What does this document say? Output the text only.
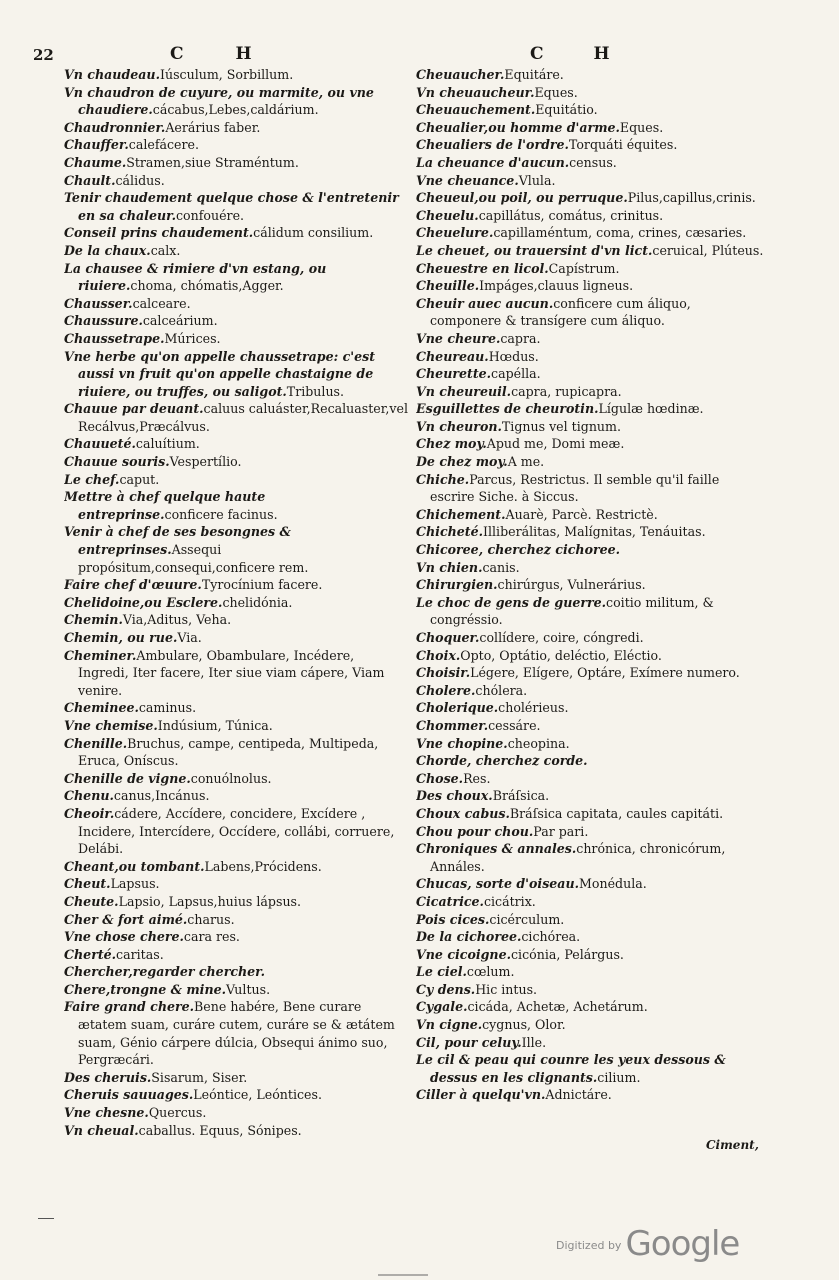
22	C	H	C	H

Vn chaudeau.Iúsculum, Sorbillum.

Vn chaudron de cuyure, ou marmite, ou vne chaudiere.cácabus,Lebes,caldárium.

Chaudronnier.Aerárius faber.

Chauffer.calefácere.

Chaume.Stramen,siue Straméntum.

Chault.cálidus.

Tenir chaudement quelque chose & l'entretenir en sa chaleur.confouére.

Conseil prins chaudement.cálidum consilium.

De la chaux.calx.

La chausee & rimiere d'vn estang, ou riuiere.choma, chómatis,Agger.

Chausser.calceare.

Chaussure.calceárium.

Chaussetrape.Múrices.

Vne herbe qu'on appelle chaussetrape: c'est aussi vn fruit qu'on appelle chastaigne de riuiere, ou truffes, ou saligot.Tribulus.

Chauue par deuant.caluus caluáster,Recaluaster,vel Recálvus,Præcálvus.

Chauueté.caluítium.

Chauue souris.Vespertílio.

Le chef.caput.

Mettre à chef quelque haute entreprinse.conficere facinus.

Venir à chef de ses besongnes & entreprinses.Assequi propósitum,consequi,conficere rem.

Faire chef d'œuure.Tyrocínium facere.

Chelidoine,ou Esclere.chelidónia.

Chemin.Via,Aditus, Veha.

Chemin, ou rue.Via.

Cheminer.Ambulare, Obambulare, Incédere, Ingredi, Iter facere, Iter siue viam cápere, Viam venire.

Cheminee.caminus.

Vne chemise.Indúsium, Túnica.

Chenille.Bruchus, campe, centipeda, Multipeda, Eruca, Oníscus.

Chenille de vigne.conuólnolus.

Chenu.canus,Incánus.

Cheoir.cádere, Accídere, concidere, Excídere , Incidere, Intercídere, Occídere, collábi, corruere, Delábi.

Cheant,ou tombant.Labens,Prócidens.

Cheut.Lapsus.

Cheute.Lapsio, Lapsus,huius lápsus.

Cher & fort aimé.charus.

Vne chose chere.cara res.

Cherté.caritas.

Chercher,regarder chercher.

Chere,trongne & mine.Vultus.

Faire grand chere.Bene habére, Bene curare ætatem suam, curáre cutem, curáre se & ætátem suam, Génio cárpere dúlcia, Obsequi ánimo suo, Pergræcári.

Des cheruis.Sisarum, Siser.

Cheruis sauuages.Leóntice, Leóntices.

Vne chesne.Quercus.

Vn cheual.caballus. Equus, Sónipes.

Cheuaucher.Equitáre.

Vn cheuaucheur.Eques.

Cheuauchement.Equitátio.

Cheualier,ou homme d'arme.Eques.

Cheualiers de l'ordre.Torquáti équites.

La cheuance d'aucun.census.

Vne cheuance.Vlula.

Cheueul,ou poil, ou perruque.Pilus,capillus,crinis.

Cheuelu.capillátus, comátus, crinitus.

Cheuelure.capillaméntum, coma, crines, cæsaries.

Le cheuet, ou trauersint d'vn lict.ceruical, Plúteus.

Cheuestre en licol.Capístrum.

Cheuille.Impáges,clauus ligneus.

Cheuir auec aucun.conficere cum áliquo, componere & transígere cum áliquo.

Vne cheure.capra.

Cheureau.Hœdus.

Cheurette.capélla.

Vn cheureuil.capra, rupicapra.

Esguillettes de cheurotin.Lígulæ hœdinæ.

Vn cheuron.Tignus vel tignum.

Chez moy.Apud me, Domi meæ.

De chez moy.A me.

Chiche.Parcus, Restrictus. Il semble qu'il faille escrire Siche. à Siccus.

Chichement.Auarè, Parcè. Restrictè.

Chicheté.Illiberálitas, Malígnitas, Tenáuitas.

Chicoree, cherchez cichoree.

Vn chien.canis.

Chirurgien.chirúrgus, Vulnerárius.

Le choc de gens de guerre.coitio militum, & congréssio.

Choquer.collídere, coire, cóngredi.

Choix.Opto, Optátio, deléctio, Eléctio.

Choisir.Légere, Elígere, Optáre, Exímere numero.

Cholere.chólera.

Cholerique.cholérieus.

Chommer.cessáre.

Vne chopine.cheopina.

Chorde, cherchez corde.

Chose.Res.

Des choux.Bráſsica.

Choux cabus.Bráſsica capitata, caules capitáti.

Chou pour chou.Par pari.

Chroniques & annales.chrónica, chronicórum, Annáles.

Chucas, sorte d'oiseau.Monédula.

Cicatrice.cicátrix.

Pois cices.cicérculum.

De la cichoree.cichórea.

Vne cicoigne.cicónia, Pelárgus.

Le ciel.cœlum.

Cy dens.Hic intus.

Cygale.cicáda, Achetæ, Achetárum.

Vn cigne.cygnus, Olor.

Cil, pour celuy.Ille.

Le cil & peau qui counre les yeux dessous & dessus en les clignants.cilium.

Ciller à quelqu'vn.Adnictáre.

Ciment,
$^{Digitized by}$ Google
